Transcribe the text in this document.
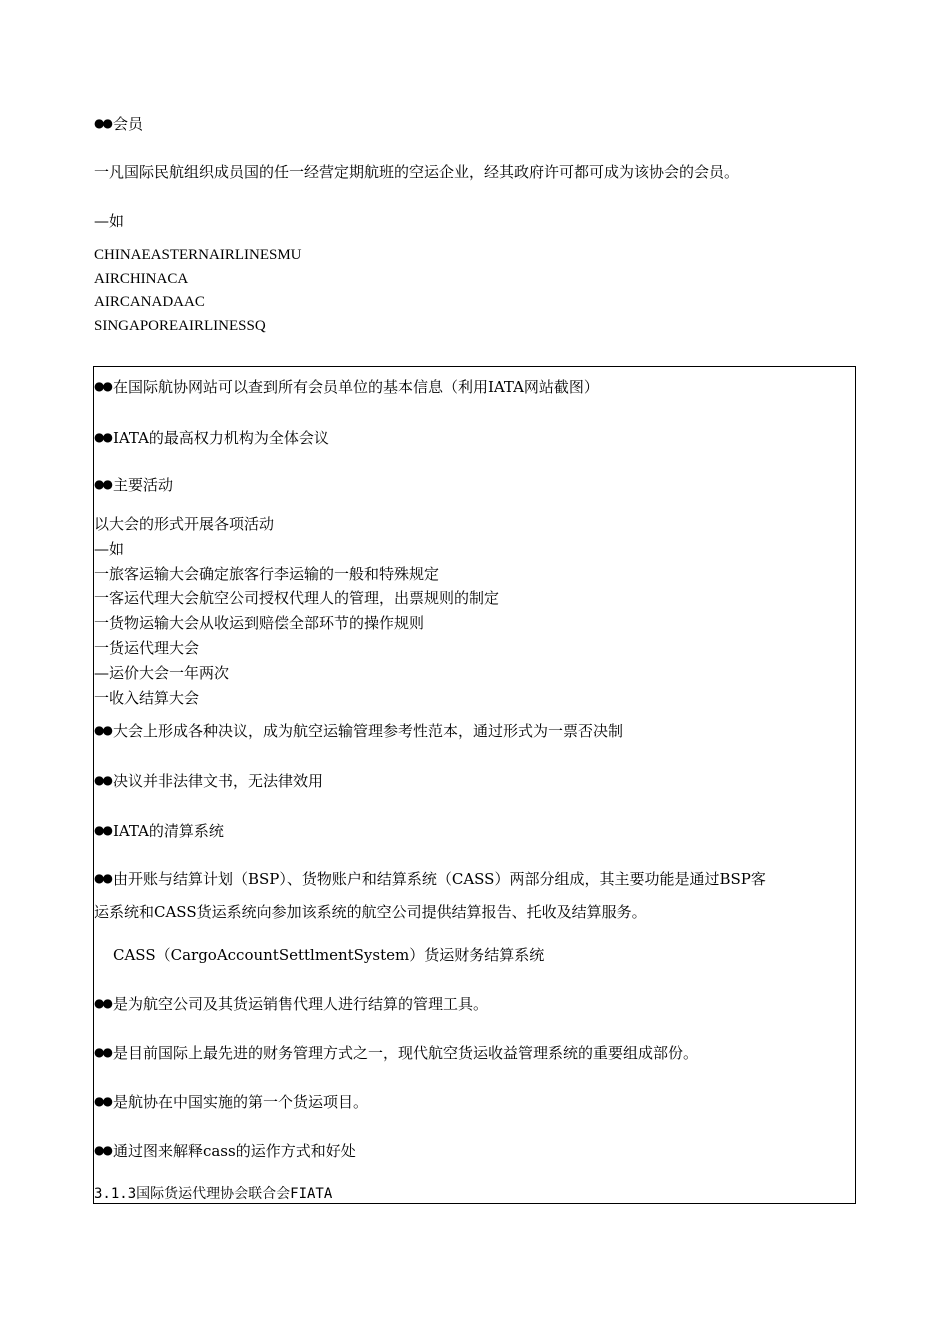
●● 会员
一凡国际民航组织成员国的任一经营定期航班的空运企业，经其政府许可都可成为该协会的会员。
—如
CHINAEASTERNAIRLINESMU
AIRCHINACA
AIRCANADAAC
SINGAPOREAIRLINESSQ
●● 在国际航协网站可以查到所有会员单位的基本信息（利用IATA网站截图）
●● IATA的最高权力机构为全体会议
●● 主要活动
以大会的形式开展各项活动
—如
一旅客运输大会确定旅客行李运输的一般和特殊规定
一客运代理大会航空公司授权代理人的管理，出票规则的制定
一货物运输大会从收运到赔偿全部环节的操作规则
一货运代理大会
—运价大会一年两次
一收入结算大会
●● 大会上形成各种决议，成为航空运输管理参考性范本，通过形式为一票否决制
●● 决议并非法律文书，无法律效用
●● IATA的清算系统
●● 由开账与结算计划（BSP）、货物账户和结算系统（CASS）两部分组成，其主要功能是通过BSP客
运系统和CASS货运系统向参加该系统的航空公司提供结算报告、托收及结算服务。
CASS（CargoAccountSettlmentSystem）货运财务结算系统
●● 是为航空公司及其货运销售代理人进行结算的管理工具。
●● 是目前国际上最先进的财务管理方式之一，现代航空货运收益管理系统的重要组成部份。
●● 是航协在中国实施的第一个货运项目。
●● 通过图来解释cass的运作方式和好处
3.1.3国际货运代理协会联合会FIATA
